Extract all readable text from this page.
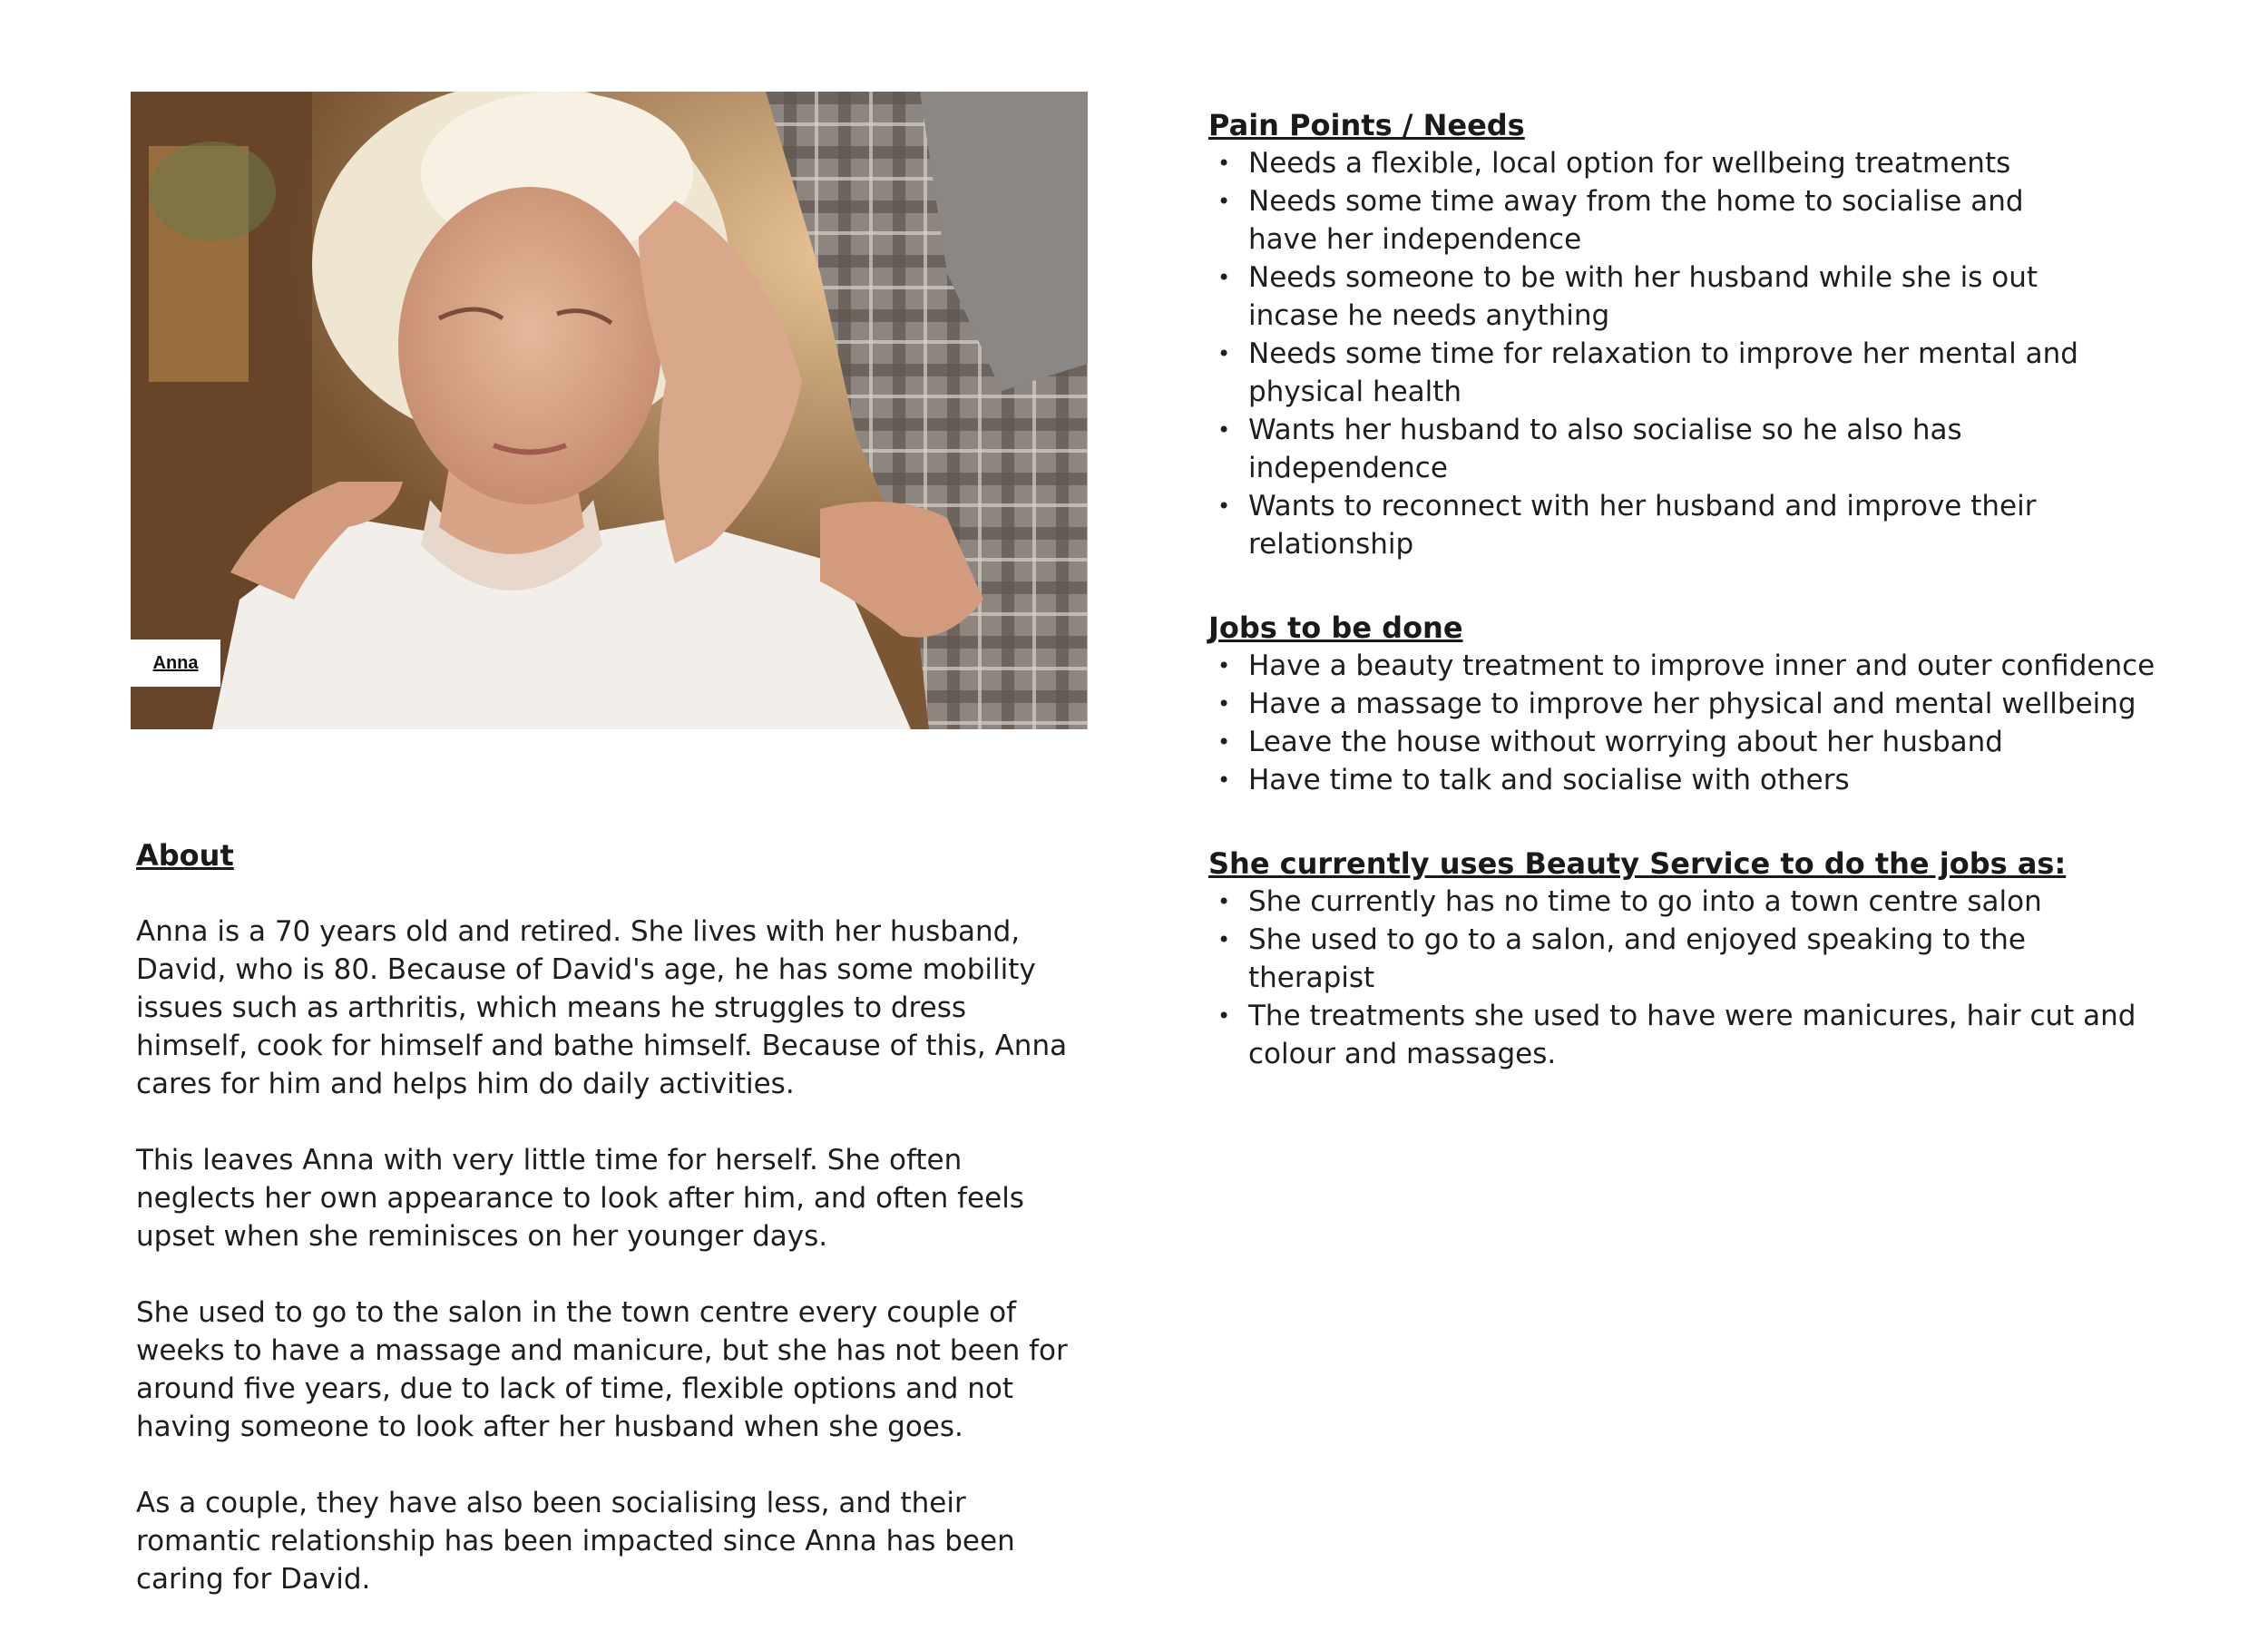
Anna
About

Anna is a 70 years old and retired. She lives with her husband, David, who is 80. Because of David's age, he has some mobility issues such as arthritis, which means he struggles to dress himself, cook for himself and bathe himself. Because of this, Anna cares for him and helps him do daily activities.

This leaves Anna with very little time for herself. She often neglects her own appearance to look after him, and often feels upset when she reminisces on her younger days.

She used to go to the salon in the town centre every couple of weeks to have a massage and manicure, but she has not been for around five years, due to lack of time, flexible options and not having someone to look after her husband when she goes.

As a couple, they have also been socialising less, and their romantic relationship has been impacted since Anna has been caring for David.

Pain Points / Needs
• Needs a flexible, local option for wellbeing treatments
• Needs some time away from the home to socialise and have her independence
• Needs someone to be with her husband while she is out incase he needs anything
• Needs some time for relaxation to improve her mental and physical health
• Wants her husband to also socialise so he also has independence
• Wants to reconnect with her husband and improve their relationship
Jobs to be done
• Have a beauty treatment to improve inner and outer confidence
• Have a massage to improve her physical and mental wellbeing
• Leave the house without worrying about her husband
• Have time to talk and socialise with others
She currently uses Beauty Service to do the jobs as:
• She currently has no time to go into a town centre salon
• She used to go to a salon, and enjoyed speaking to the therapist
• The treatments she used to have were manicures, hair cut and colour and massages.
